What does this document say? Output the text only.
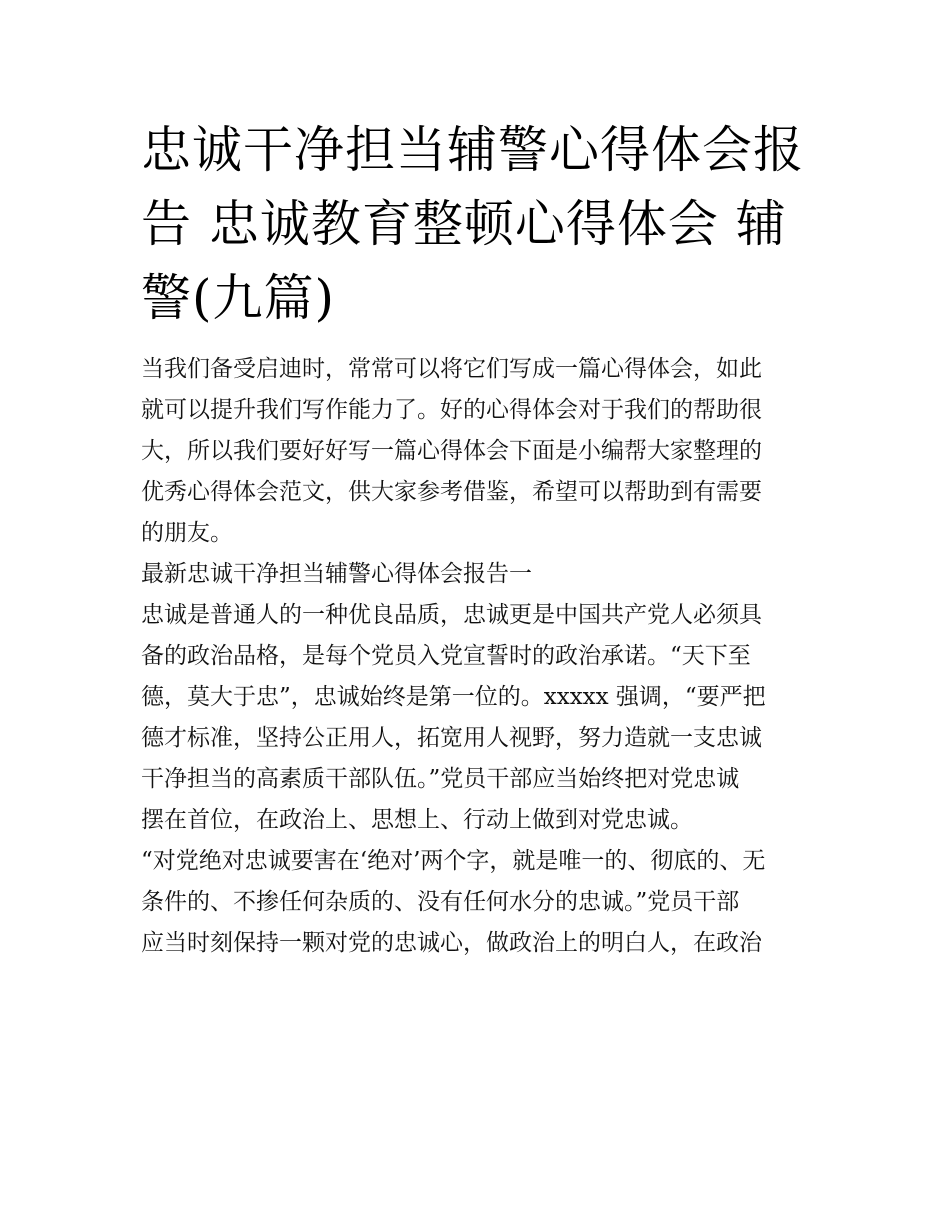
忠诚干净担当辅警心得体会报
告 忠诚教育整顿心得体会 辅
警(九篇)
当我们备受启迪时，常常可以将它们写成一篇心得体会，如此
就可以提升我们写作能力了。好的心得体会对于我们的帮助很
大，所以我们要好好写一篇心得体会下面是小编帮大家整理的
优秀心得体会范文，供大家参考借鉴，希望可以帮助到有需要
的朋友。
最新忠诚干净担当辅警心得体会报告一
忠诚是普通人的一种优良品质，忠诚更是中国共产党人必须具
备的政治品格，是每个党员入党宣誓时的政治承诺。“天下至
德，莫大于忠”，忠诚始终是第一位的。xxxxx 强调，“要严把
德才标准，坚持公正用人，拓宽用人视野，努力造就一支忠诚
干净担当的高素质干部队伍。”党员干部应当始终把对党忠诚
摆在首位，在政治上、思想上、行动上做到对党忠诚。
“对党绝对忠诚要害在‘绝对’两个字，就是唯一的、彻底的、无
条件的、不掺任何杂质的、没有任何水分的忠诚。”党员干部
应当时刻保持一颗对党的忠诚心，做政治上的明白人，在政治
